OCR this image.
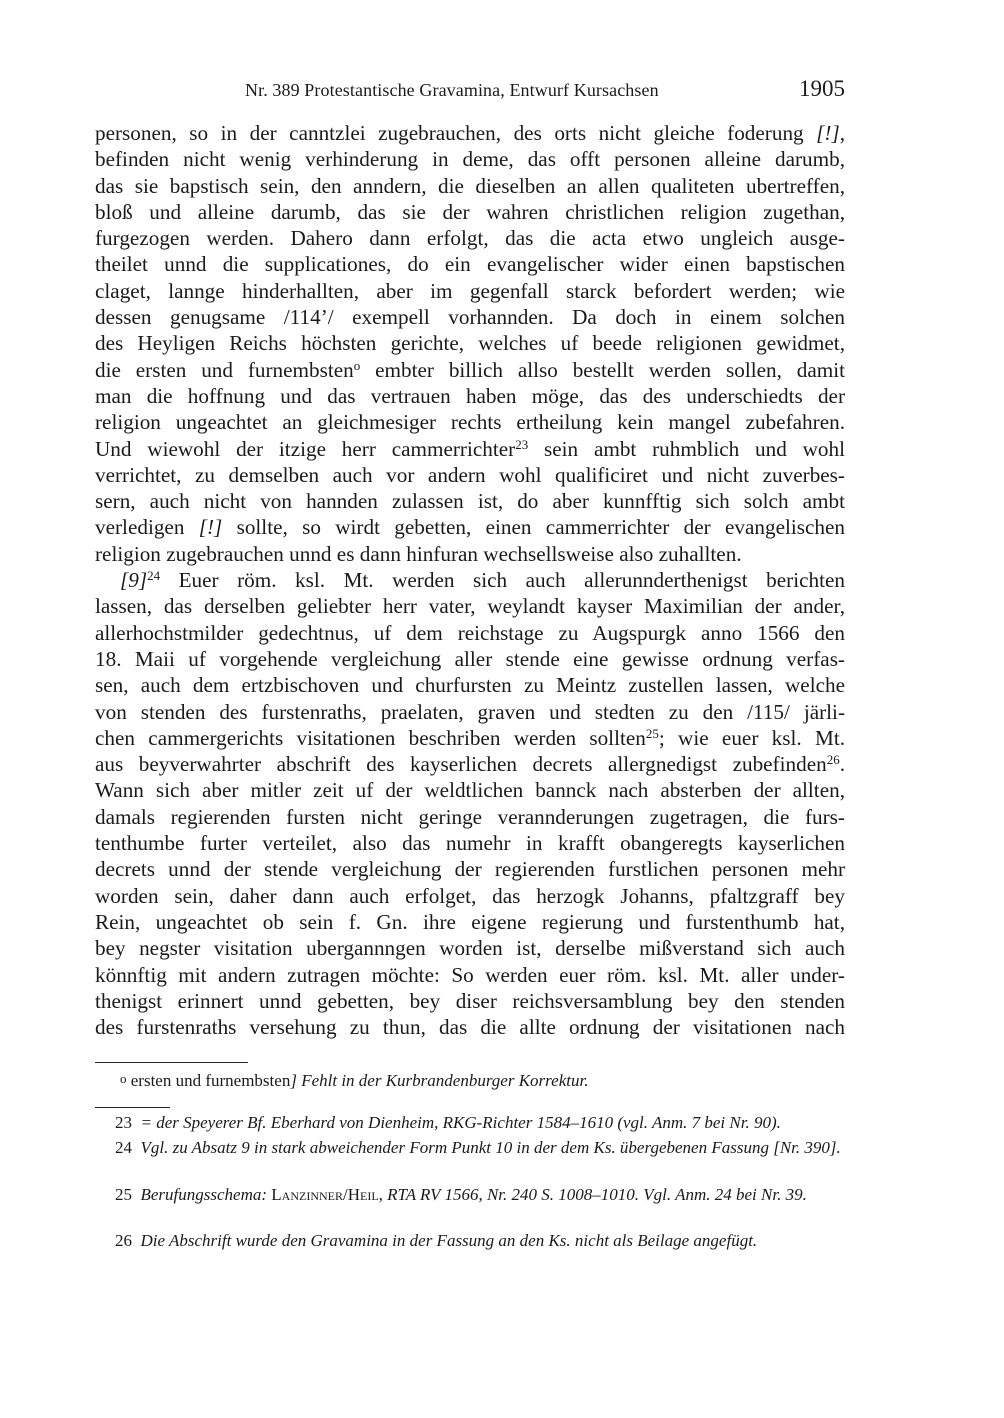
Nr. 389 Protestantische Gravamina, Entwurf Kursachsen	1905
personen, so in der canntzlei zugebrauchen, des orts nicht gleiche foderung [!],
befinden nicht wenig verhinderung in deme, das offt personen alleine darumb,
das sie bapstisch sein, den anndern, die dieselben an allen qualiteten ubertreffen,
bloß und alleine darumb, das sie der wahren christlichen religion zugethan,
furgezogen werden. Dahero dann erfolgt, das die acta etwo ungleich ausge-
theilet unnd die supplicationes, do ein evangelischer wider einen bapstischen
claget, lannge hinderhallten, aber im gegenfall starck befordert werden; wie
dessen genugsame /114’/ exempell vorhannden. Da doch in einem solchen
des Heyligen Reichs höchsten gerichte, welches uf beede religionen gewidmet,
die ersten und furnembsten$^o$ embter billich allso bestellt werden sollen, damit
man die hoffnung und das vertrauen haben möge, das des underschiedts der
religion ungeachtet an gleichmesiger rechts ertheilung kein mangel zubefahren.
Und wiewohl der itzige herr cammerrichter$^{23}$ sein ambt ruhmblich und wohl
verrichtet, zu demselben auch vor andern wohl qualificiret und nicht zuverbes-
sern, auch nicht von hannden zulassen ist, do aber kunnfftig sich solch ambt
verledigen [!] sollte, so wirdt gebetten, einen cammerrichter der evangelischen
religion zugebrauchen unnd es dann hinfuran wechsellsweise also zuhallten.
$[9]^{24}$ Euer röm. ksl. Mt. werden sich auch allerunnderthenigst berichten
lassen, das derselben geliebter herr vater, weylandt kayser Maximilian der ander,
allerhochstmilder gedechtnus, uf dem reichstage zu Augspurgk anno 1566 den
18. Maii uf vorgehende vergleichung aller stende eine gewisse ordnung verfas-
sen, auch dem ertzbischoven und churfursten zu Meintz zustellen lassen, welche
von stenden des furstenraths, praelaten, graven und stedten zu den /115/ järli-
chen cammergerichts visitationen beschriben werden sollten$^{25}$; wie euer ksl. Mt.
aus beyverwahrter abschrift des kayserlichen decrets allergnedigst zubefinden$^{26}$.
Wann sich aber mitler zeit uf der weldtlichen bannck nach absterben der allten,
damals regierenden fursten nicht geringe verannderungen zugetragen, die furs-
tenthumbe furter verteilet, also das numehr in krafft obangeregts kayserlichen
decrets unnd der stende vergleichung der regierenden furstlichen personen mehr
worden sein, daher dann auch erfolget, das herzogk Johanns, pfaltzgraff bey
Rein, ungeachtet ob sein f. Gn. ihre eigene regierung und furstenthumb hat,
bey negster visitation ubergannngen worden ist, derselbe mißverstand sich auch
könnftig mit andern zutragen möchte: So werden euer röm. ksl. Mt. aller under-
thenigst erinnert unnd gebetten, bey diser reichsversamblung bey den stenden
des furstenraths versehung zu thun, das die allte ordnung der visitationen nach
$^o$ ersten und furnembsten] Fehlt in der Kurbrandenburger Korrektur.
23 = der Speyerer Bf. Eberhard von Dienheim, RKG-Richter 1584–1610 (vgl. Anm. 7 bei Nr. 90).
24 Vgl. zu Absatz 9 in stark abweichender Form Punkt 10 in der dem Ks. übergebenen Fassung [Nr. 390].
25 Berufungsschema: Lanzinner/Heil, RTA RV 1566, Nr. 240 S. 1008–1010. Vgl. Anm. 24 bei Nr. 39.
26 Die Abschrift wurde den Gravamina in der Fassung an den Ks. nicht als Beilage angefügt.
